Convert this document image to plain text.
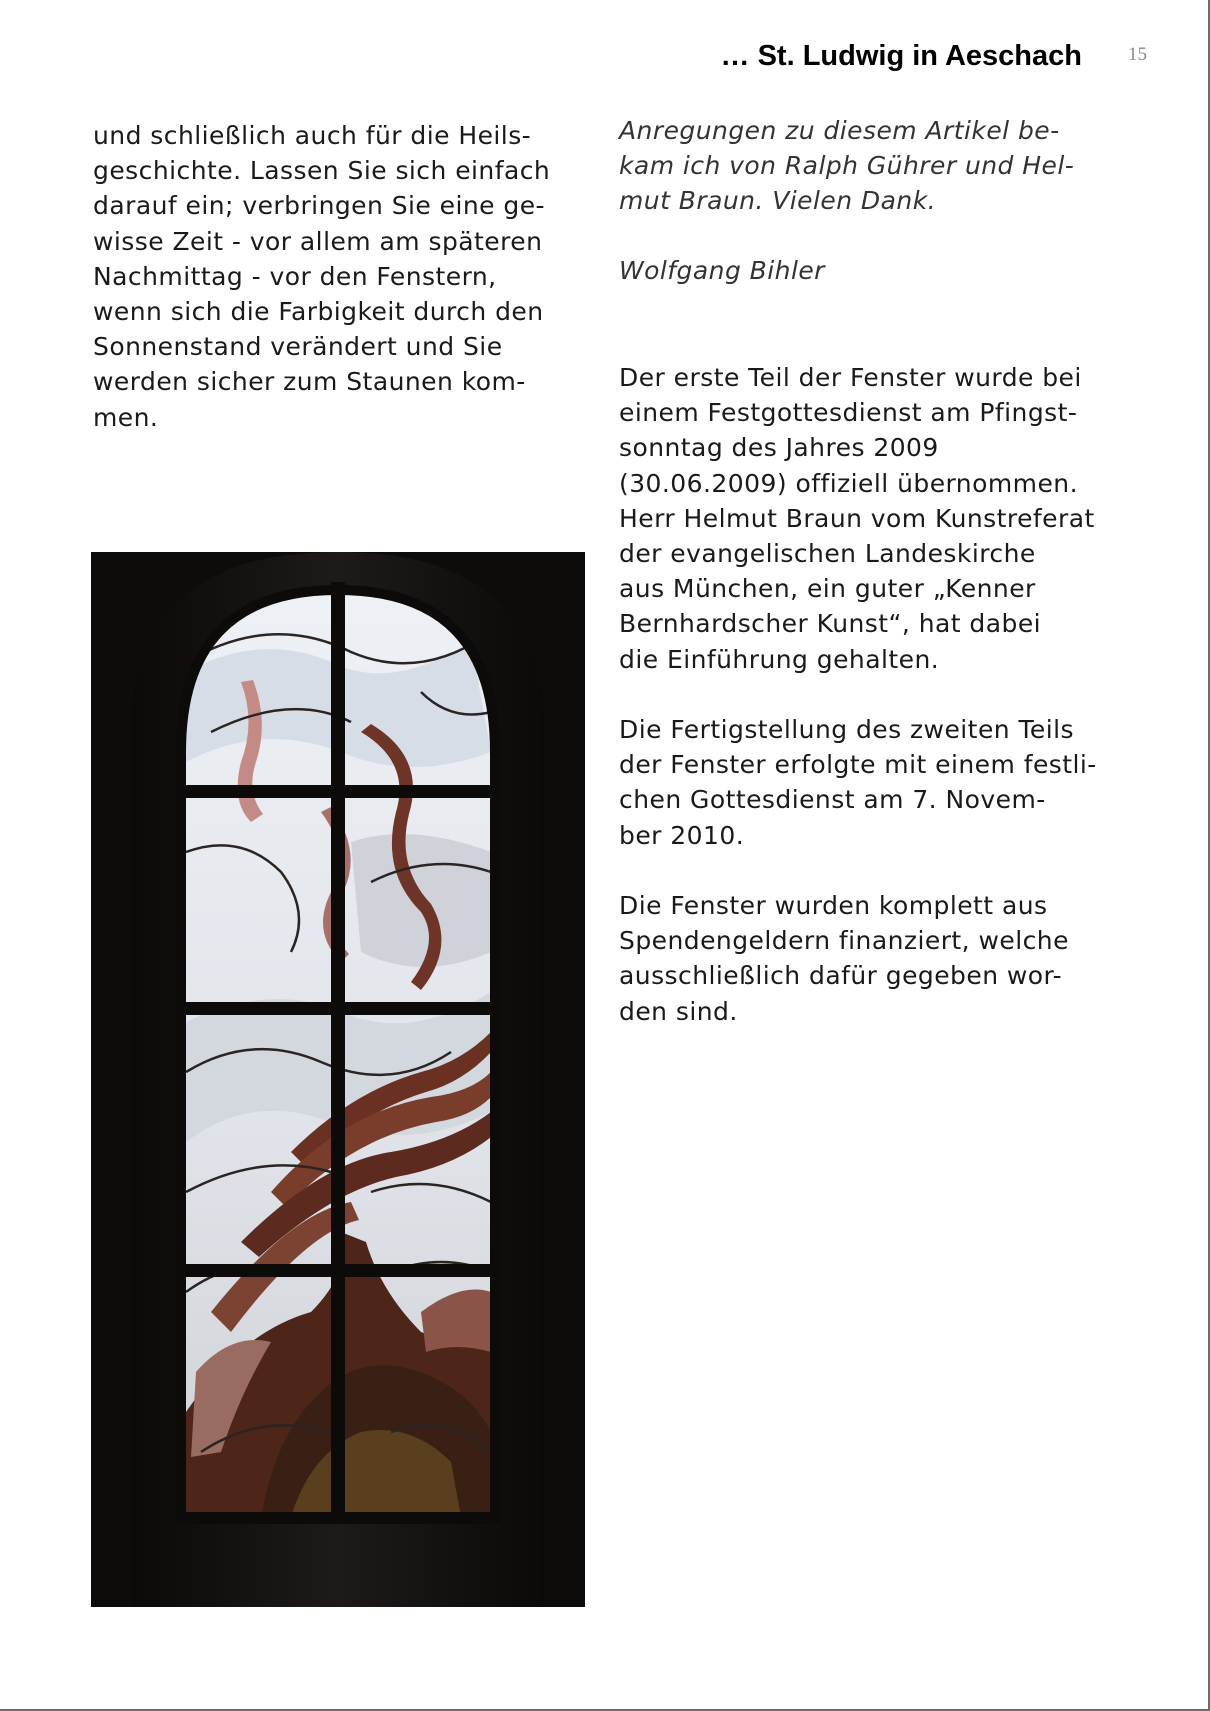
… St. Ludwig in Aeschach 15
und schließlich auch für die Heils-
geschichte. Lassen Sie sich einfach
darauf ein; verbringen Sie eine ge-
wisse Zeit - vor allem am späteren
Nachmittag - vor den Fenstern,
wenn sich die Farbigkeit durch den
Sonnenstand verändert und Sie
werden sicher zum Staunen kom-
men.
Anregungen zu diesem Artikel be-
kam ich von Ralph Gührer und Hel-
mut Braun. Vielen Dank.
Wolfgang Bihler
Der erste Teil der Fenster wurde bei
einem Festgottesdienst am Pfingst-
sonntag des Jahres 2009
(30.06.2009) offiziell übernommen.
Herr Helmut Braun vom Kunstreferat
der evangelischen Landeskirche
aus München, ein guter „Kenner
Bernhardscher Kunst“, hat dabei
die Einführung gehalten.
Die Fertigstellung des zweiten Teils
der Fenster erfolgte mit einem festli-
chen Gottesdienst am 7. Novem-
ber 2010.
Die Fenster wurden komplett aus
Spendengeldern finanziert, welche
ausschließlich dafür gegeben wor-
den sind.
